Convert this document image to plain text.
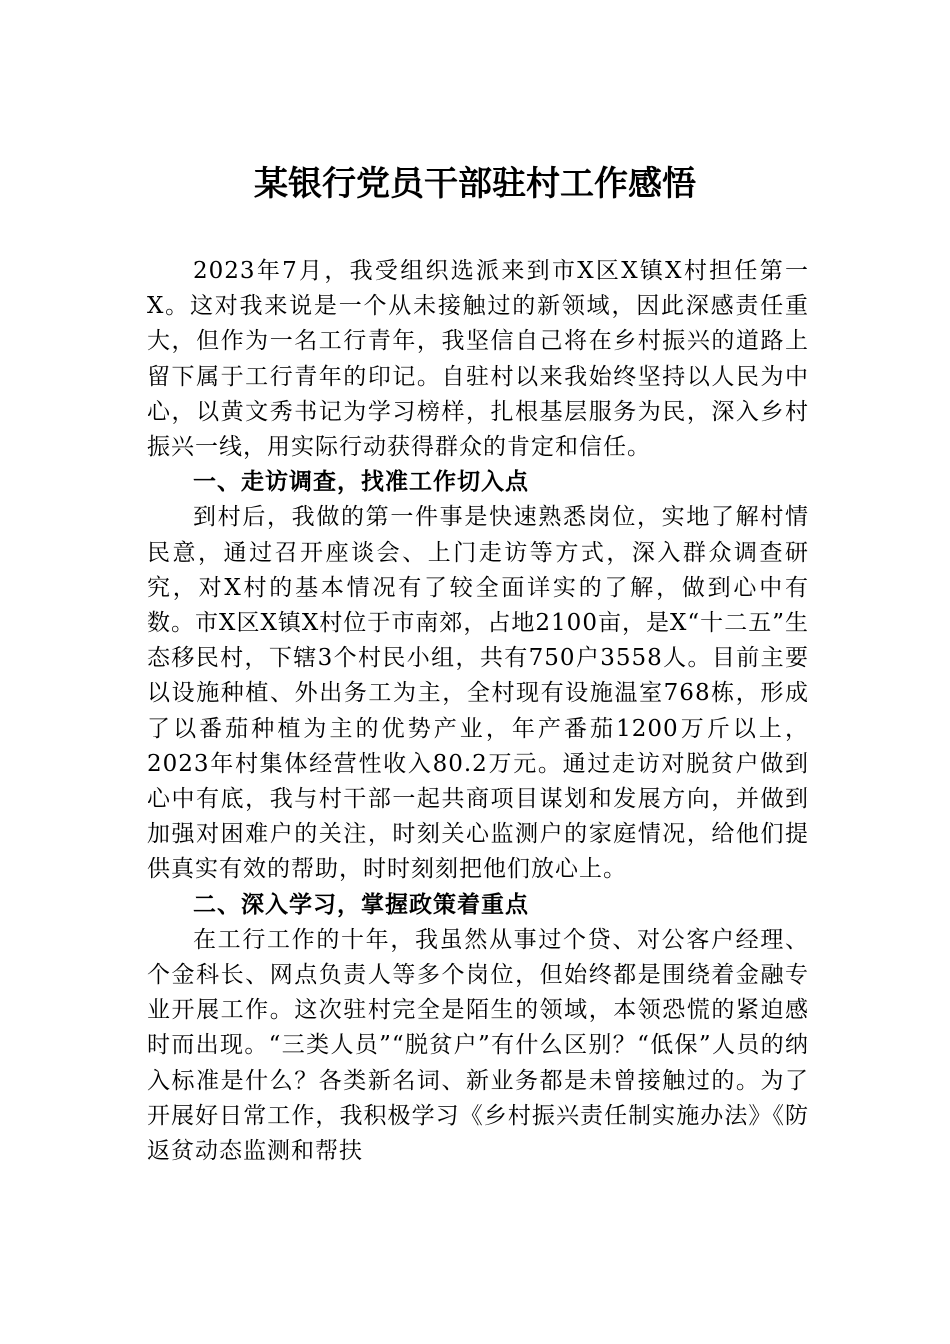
某银行党员干部驻村工作感悟

2023年7月，我受组织选派来到市X区X镇X村担任第一X。这对我来说是一个从未接触过的新领域，因此深感责任重大，但作为一名工行青年，我坚信自己将在乡村振兴的道路上留下属于工行青年的印记。自驻村以来我始终坚持以人民为中心，以黄文秀书记为学习榜样，扎根基层服务为民，深入乡村振兴一线，用实际行动获得群众的肯定和信任。

一、走访调查，找准工作切入点

到村后，我做的第一件事是快速熟悉岗位，实地了解村情民意，通过召开座谈会、上门走访等方式，深入群众调查研究，对X村的基本情况有了较全面详实的了解，做到心中有数。市X区X镇X村位于市南郊，占地2100亩，是X“十二五”生态移民村，下辖3个村民小组，共有750户3558人。目前主要以设施种植、外出务工为主，全村现有设施温室768栋，形成了以番茄种植为主的优势产业，年产番茄1200万斤以上，2023年村集体经营性收入80.2万元。通过走访对脱贫户做到心中有底，我与村干部一起共商项目谋划和发展方向，并做到加强对困难户的关注，时刻关心监测户的家庭情况，给他们提供真实有效的帮助，时时刻刻把他们放心上。

二、深入学习，掌握政策着重点

在工行工作的十年，我虽然从事过个贷、对公客户经理、个金科长、网点负责人等多个岗位，但始终都是围绕着金融专业开展工作。这次驻村完全是陌生的领域，本领恐慌的紧迫感时而出现。“三类人员”“脱贫户”有什么区别？“低保”人员的纳入标准是什么？各类新名词、新业务都是未曾接触过的。为了开展好日常工作，我积极学习《乡村振兴责任制实施办法》《防返贫动态监测和帮扶
